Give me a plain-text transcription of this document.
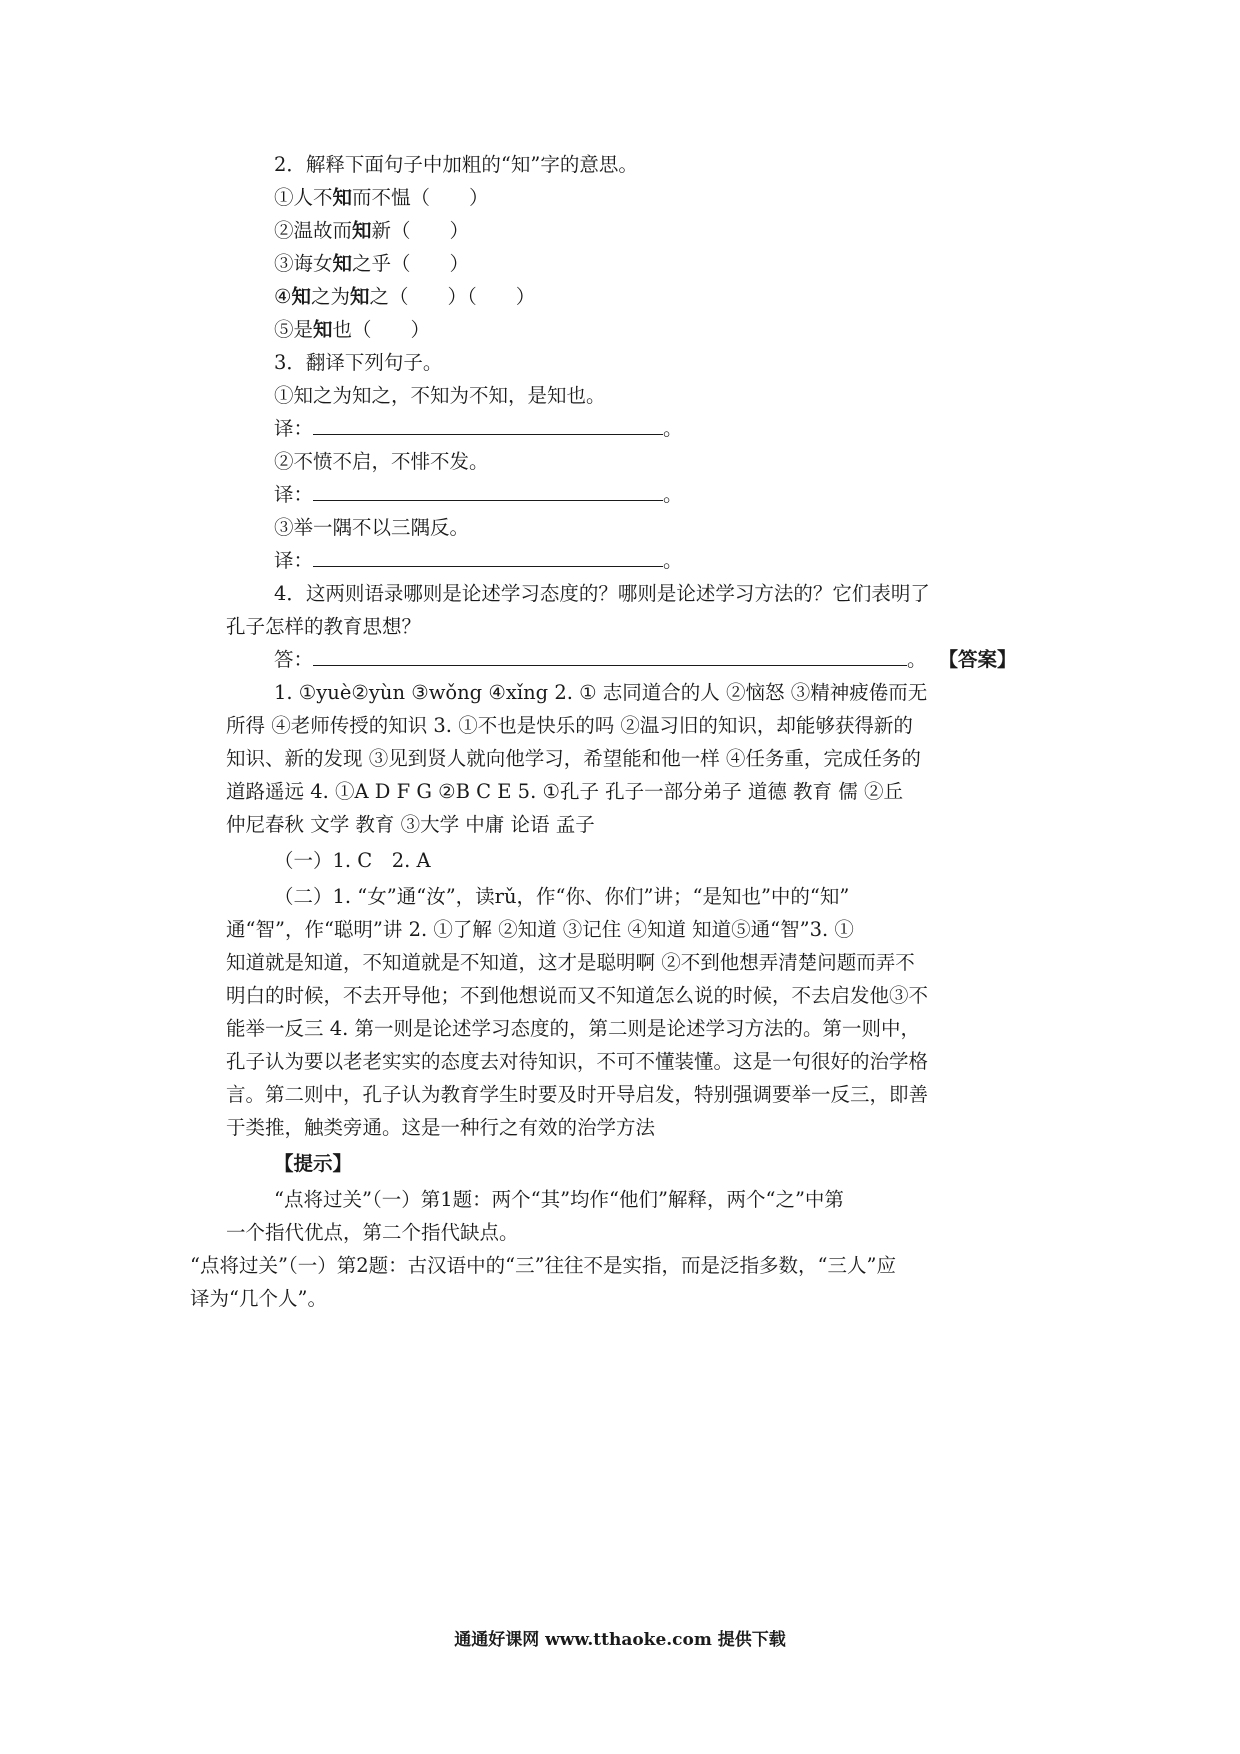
2．解释下面句子中加粗的“知”字的意思。
①人不知而不愠（　　）
②温故而知新（　　）
③诲女知之乎（　　）
④知之为知之（　　）（　　）
⑤是知也（　　）
3．翻译下列句子。
①知之为知之，不知为不知，是知也。
译：	。
②不愤不启，不悱不发。
译：	。
③举一隅不以三隅反。
译：	。
4．这两则语录哪则是论述学习态度的？哪则是论述学习方法的？它们表明了
孔子怎样的教育思想？
答：	。 【答案】
1. ①yuè②yùn ③wǒng ④xǐng 2. ① 志同道合的人 ②恼怒 ③精神疲倦而无
所得 ④老师传授的知识 3. ①不也是快乐的吗 ②温习旧的知识，却能够获得新的
知识、新的发现 ③见到贤人就向他学习，希望能和他一样 ④任务重，完成任务的
道路遥远 4. ①A D F G ②B C E 5. ①孔子 孔子一部分弟子 道德 教育 儒 ②丘
仲尼春秋 文学 教育 ③大学 中庸 论语 孟子
（一）1. C　2. A
（二）1. “女”通“汝”，读rǔ，作“你、你们”讲；“是知也”中的“知”
通“智”，作“聪明”讲 2. ①了解 ②知道 ③记住 ④知道 知道⑤通“智”3. ①
知道就是知道，不知道就是不知道，这才是聪明啊 ②不到他想弄清楚问题而弄不
明白的时候，不去开导他；不到他想说而又不知道怎么说的时候，不去启发他③不
能举一反三 4. 第一则是论述学习态度的，第二则是论述学习方法的。第一则中，
孔子认为要以老老实实的态度去对待知识，不可不懂装懂。这是一句很好的治学格
言。第二则中，孔子认为教育学生时要及时开导启发，特别强调要举一反三，即善
于类推，触类旁通。这是一种行之有效的治学方法
【提示】
“点将过关”（一）第1题：两个“其”均作“他们”解释，两个“之”中第
一个指代优点，第二个指代缺点。
“点将过关”（一）第2题：古汉语中的“三”往往不是实指，而是泛指多数，“三人”应
译为“几个人”。
通通好课网 www.tthaoke.com 提供下载
